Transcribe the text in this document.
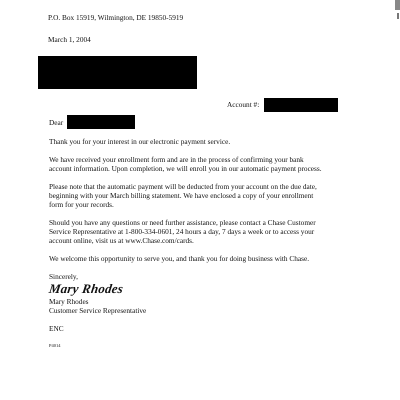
P.O. Box 15919, Wilmington, DE 19850-5919

March 1, 2004

Account #:

Dear

Thank you for your interest in our electronic payment service.

We have received your enrollment form and are in the process of confirming your bank

account information. Upon completion, we will enroll you in our automatic payment process.

Please note that the automatic payment will be deducted from your account on the due date,

beginning with your March billing statement. We have enclosed a copy of your enrollment

form for your records.

Should you have any questions or need further assistance, please contact a Chase Customer

Service Representative at 1-800-334-0601, 24 hours a day, 7 days a week or to access your

account online, visit us at www.Chase.com/cards.

We welcome this opportunity to serve you, and thank you for doing business with Chase.

Sincerely,

Mary Rhodes

Mary Rhodes

Customer Service Representative

ENC

P4014
